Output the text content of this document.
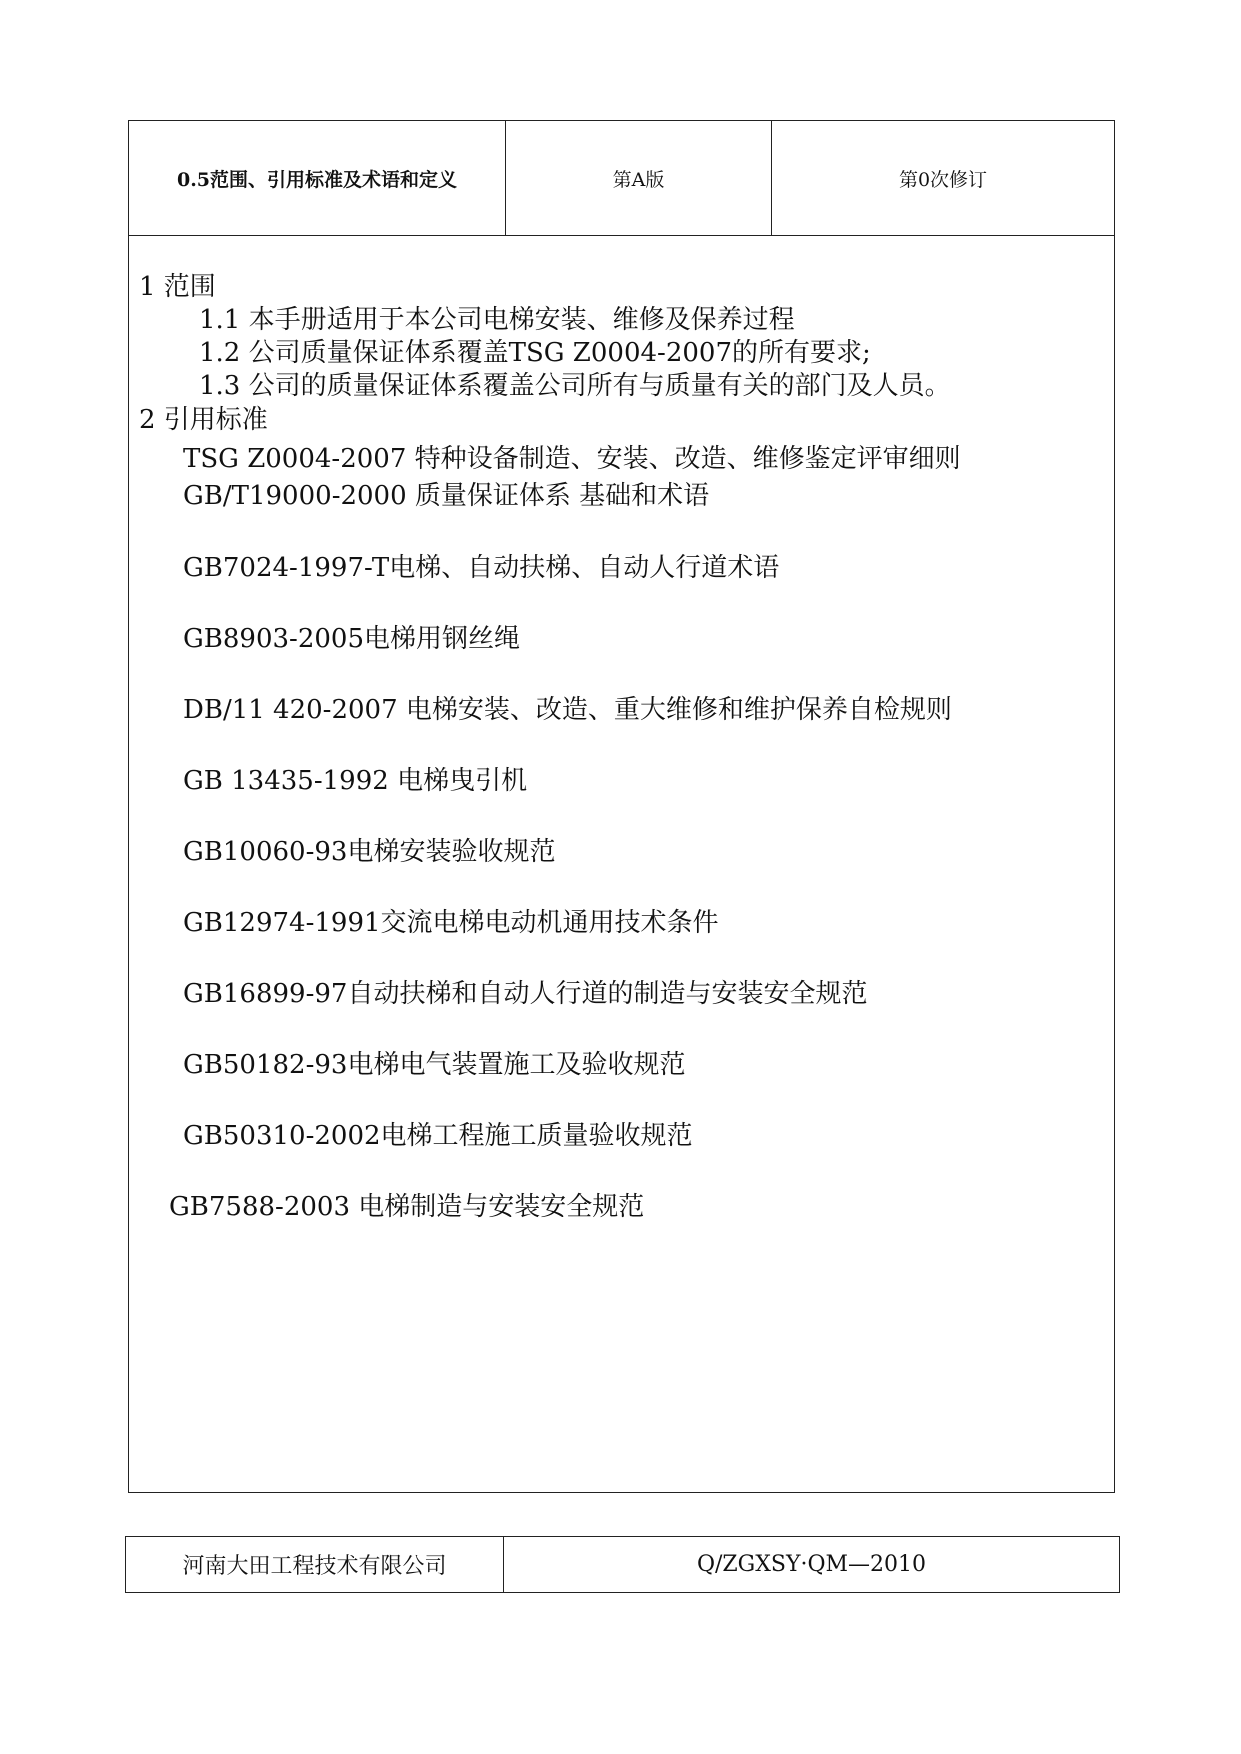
0.5范围、引用标准及术语和定义	第A版	第0次修订
1 范围
1.1 本手册适用于本公司电梯安装、维修及保养过程
1.2 公司质量保证体系覆盖TSG Z0004-2007的所有要求;
1.3 公司的质量保证体系覆盖公司所有与质量有关的部门及人员。
2 引用标准
TSG Z0004-2007 特种设备制造、安装、改造、维修鉴定评审细则
GB/T19000-2000 质量保证体系 基础和术语
GB7024-1997-T电梯、自动扶梯、自动人行道术语
GB8903-2005电梯用钢丝绳
DB/11 420-2007 电梯安装、改造、重大维修和维护保养自检规则
GB 13435-1992 电梯曳引机
GB10060-93电梯安装验收规范
GB12974-1991交流电梯电动机通用技术条件
GB16899-97自动扶梯和自动人行道的制造与安装安全规范
GB50182-93电梯电气装置施工及验收规范
GB50310-2002电梯工程施工质量验收规范
GB7588-2003 电梯制造与安装安全规范
河南大田工程技术有限公司	Q/ZGXSY·QM—2010
